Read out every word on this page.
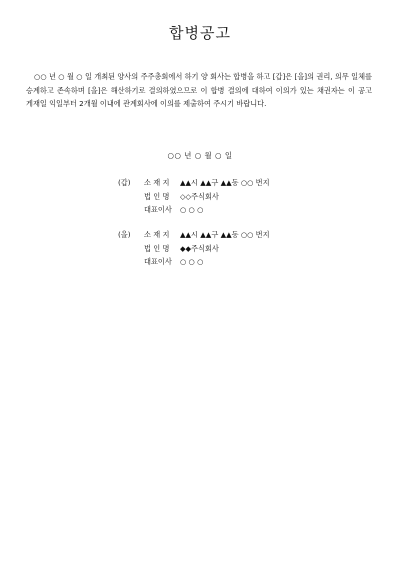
합병공고
○○ 년 ○ 월 ○ 일 개최된 양사의 주주총회에서 하기 양 회사는 합병을 하고 [갑]은 [을]의 권리, 의무 일체를 승계하고 존속하며 [을]은 해산하기로 결의하였으므로 이 합병 결의에 대하여 이의가 있는 채권자는 이 공고 게재일 익일부터 2개월 이내에 관계회사에 이의를 제출하여 주시기 바랍니다.
○○ 년 ○ 월 ○ 일
(갑) 소 재 지	▲▲시 ▲▲구 ▲▲동 ○○ 번지
법 인 명	◇◇주식회사
대표이사	○ ○ ○
(을) 소 재 지	▲▲시 ▲▲구 ▲▲동 ○○ 번지
법 인 명	◆◆주식회사
대표이사	○ ○ ○
